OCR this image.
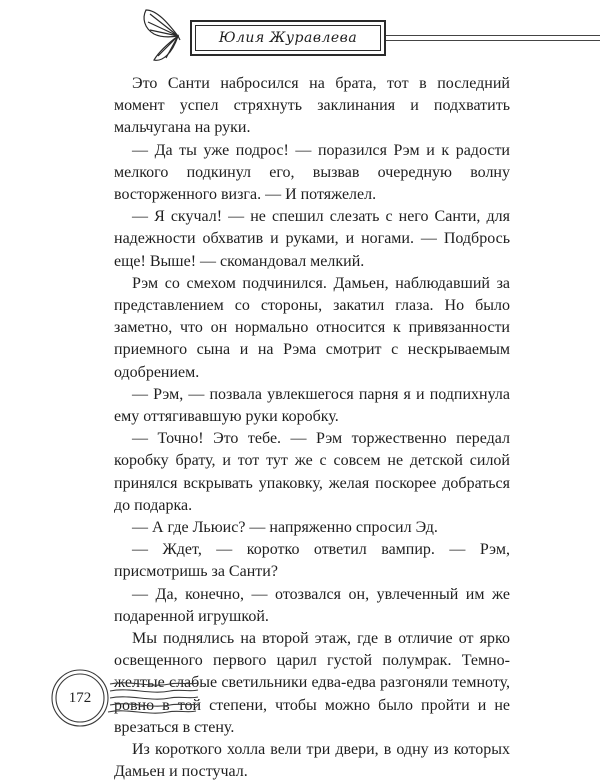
Юлия Журавлева

Это Санти набросился на брата, тот в последний момент успел стряхнуть заклинания и подхватить мальчугана на руки.

— Да ты уже подрос! — поразился Рэм и к радости мелкого подкинул его, вызвав очередную волну восторженного визга. — И потяжелел.

— Я скучал! — не спешил слезать с него Санти, для надежности обхватив и руками, и ногами. — Подбрось еще! Выше! — скомандовал мелкий.

Рэм со смехом подчинился. Дамьен, наблюдавший за представлением со стороны, закатил глаза. Но было заметно, что он нормально относится к привязанности приемного сына и на Рэма смотрит с нескрываемым одобрением.

— Рэм, — позвала увлекшегося парня я и подпихнула ему оттягивавшую руки коробку.

— Точно! Это тебе. — Рэм торжественно передал коробку брату, и тот тут же с совсем не детской силой принялся вскрывать упаковку, желая поскорее добраться до подарка.

— А где Льюис? — напряженно спросил Эд.

— Ждет, — коротко ответил вампир. — Рэм, присмотришь за Санти?

— Да, конечно, — отозвался он, увлеченный им же подаренной игрушкой.

Мы поднялись на второй этаж, где в отличие от ярко освещенного первого царил густой полумрак. Темно-желтые слабые светильники едва-едва разгоняли темноту, ровно в той степени, чтобы можно было пройти и не врезаться в стену.

Из короткого холла вели три двери, в одну из которых Дамьен и постучал.

172
